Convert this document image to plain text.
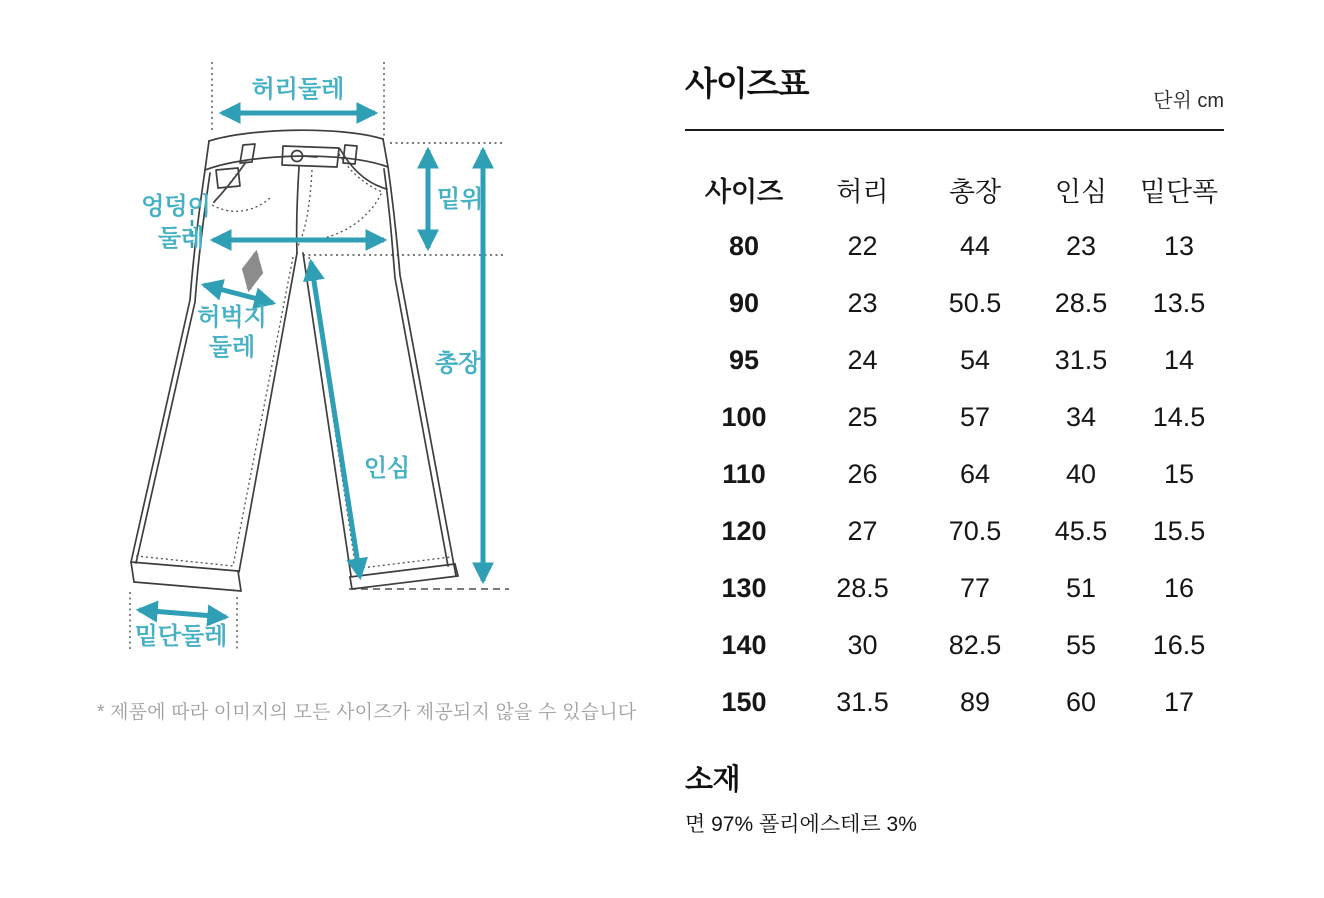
허리둘레
엉덩이
둘레
밑위
총장
허벅지
둘레
인심
밑단둘레
* 제품에 따라 이미지의 모든 사이즈가 제공되지 않을 수 있습니다
사이즈표	단위 cm
사이즈	허리	총장	인심	밑단폭
80	22	44	23	13
90	23	50.5	28.5	13.5
95	24	54	31.5	14
100	25	57	34	14.5
110	26	64	40	15
120	27	70.5	45.5	15.5
130	28.5	77	51	16
140	30	82.5	55	16.5
150	31.5	89	60	17
소재
면 97% 폴리에스테르 3%
